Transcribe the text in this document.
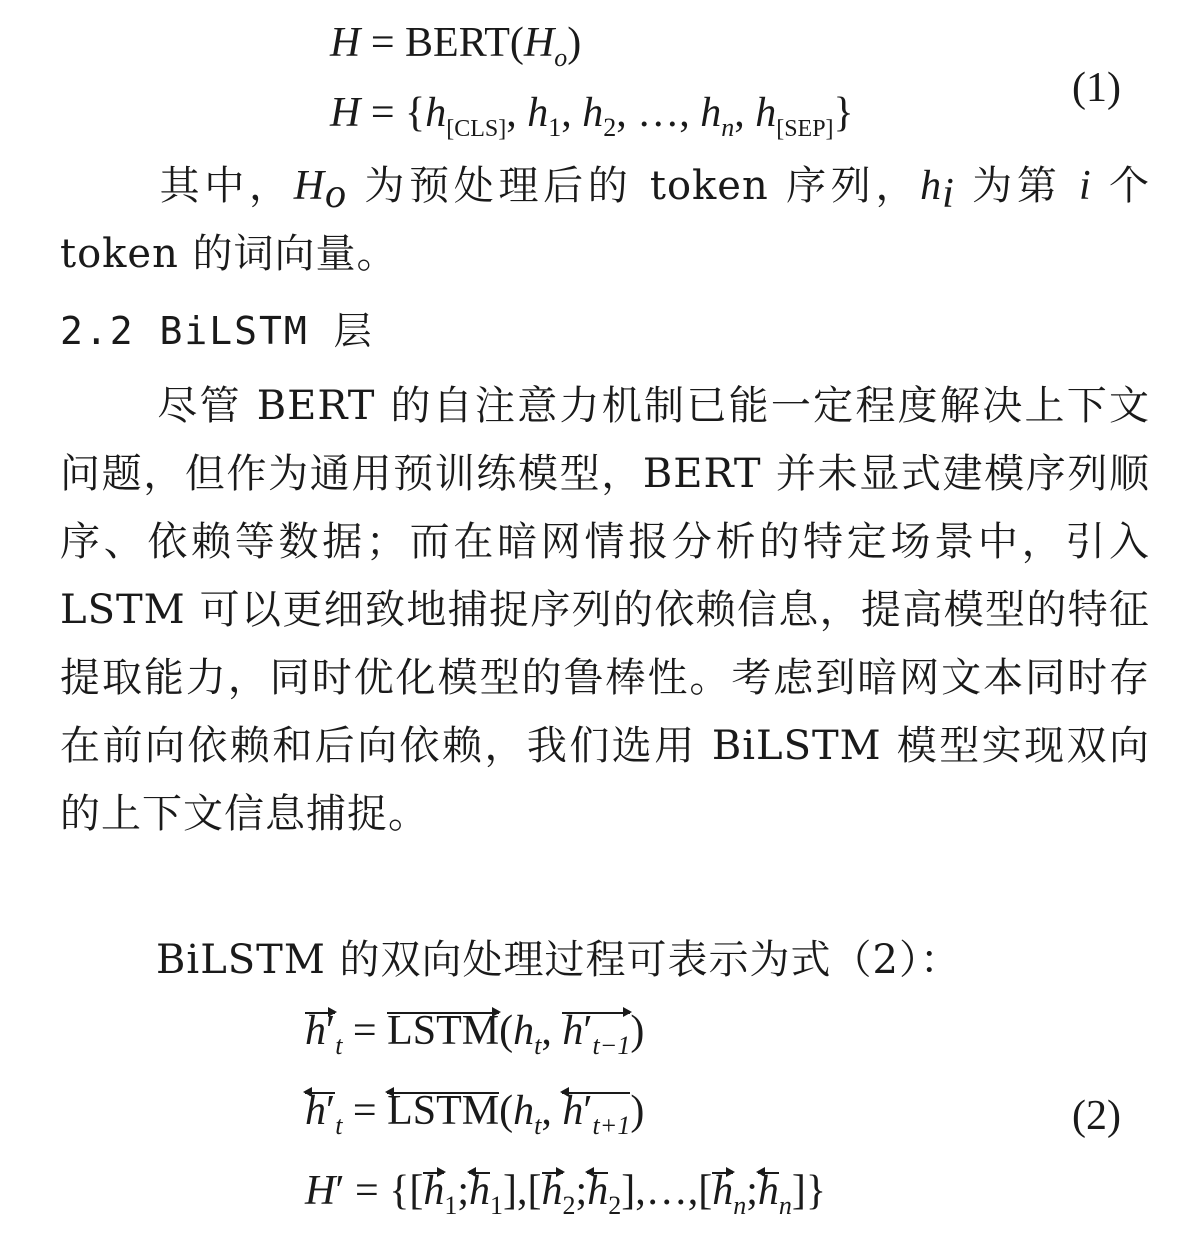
$H = BERT(H_o)$
$H = \{h_{[CLS]}$, $h_1$, $h_2$, …, $h_n$, $h_{[SEP]}$}
(1)

其中，$H_o$ 为预处理后的 token 序列，$h_i$ 为第 i 个 token 的词向量。

2.2 BiLSTM 层

尽管 BERT 的自注意力机制已能一定程度解决上下文问题，但作为通用预训练模型，BERT 并未显式建模序列顺序、依赖等数据；而在暗网情报分析的特定场景中，引入 LSTM 可以更细致地捕捉序列的依赖信息，提高模型的特征提取能力，同时优化模型的鲁棒性。考虑到暗网文本同时存在前向依赖和后向依赖，我们选用 BiLSTM 模型实现双向的上下文信息捕捉。

BiLSTM 的双向处理过程可表示为式（2）：

$h'_t$ = $LSTM(h_t$, $h'_{t-1}$)
$h'_t$ = $LSTM(h_t$, $h'_{t+1}$)
$H' = \{[h_1;h_1],[h_2;h_2],\dots,[h_n;h_n]\}$
(2)
